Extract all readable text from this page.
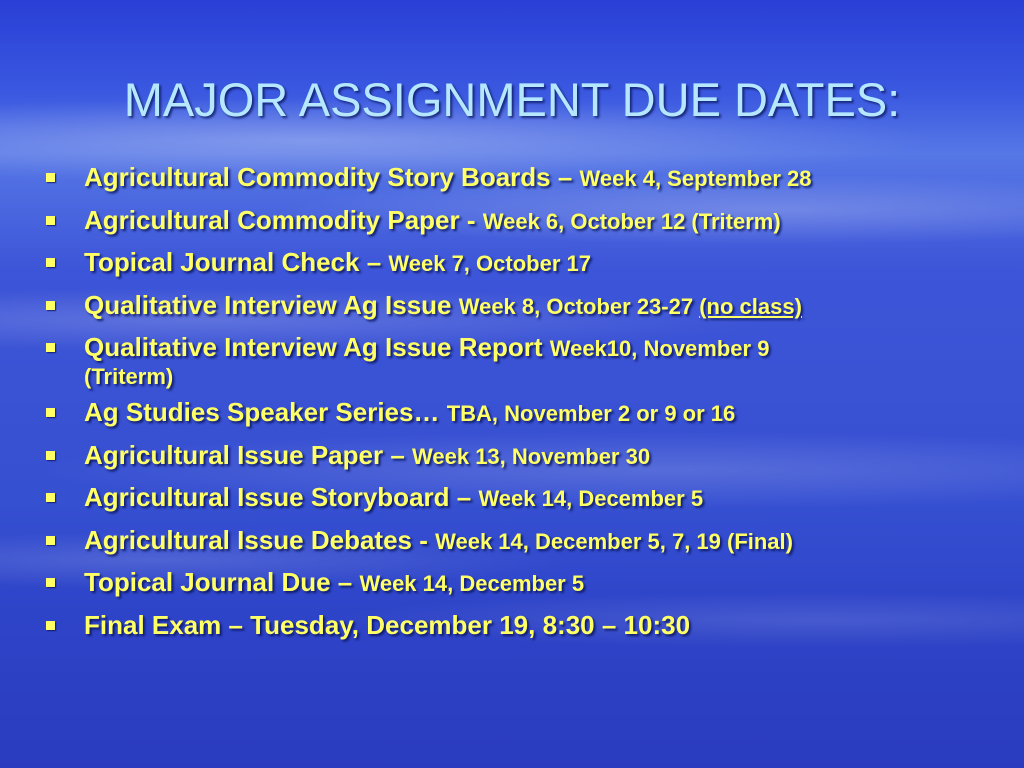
MAJOR ASSIGNMENT DUE DATES:
Agricultural Commodity Story Boards – Week 4, September 28
Agricultural Commodity Paper - Week 6, October 12 (Triterm)
Topical Journal Check – Week 7, October 17
Qualitative Interview Ag Issue Week 8, October 23-27 (no class)
Qualitative Interview Ag Issue Report Week10, November 9
(Triterm)
Ag Studies Speaker Series… TBA, November 2 or 9 or 16
Agricultural Issue Paper – Week 13, November 30
Agricultural Issue Storyboard – Week 14, December 5
Agricultural Issue Debates - Week 14, December 5, 7, 19 (Final)
Topical Journal Due – Week 14, December 5
Final Exam – Tuesday, December 19, 8:30 – 10:30
